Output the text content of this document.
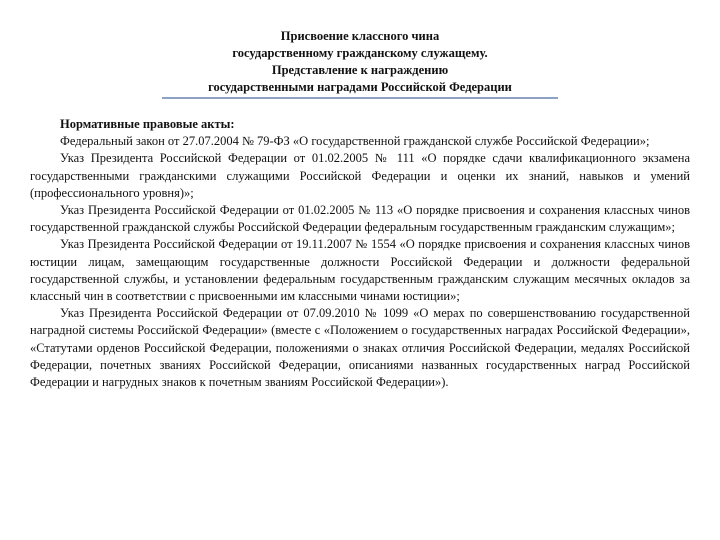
Присвоение классного чина
государственному гражданскому служащему.
Представление к награждению
государственными наградами Российской Федерации

Нормативные правовые акты:

Федеральный закон от 27.07.2004 № 79-ФЗ «О государственной гражданской службе Российской Федерации»;

Указ Президента Российской Федерации от 01.02.2005 № 111 «О порядке сдачи квалификационного экзамена государственными гражданскими служащими Российской Федерации и оценки их знаний, навыков и умений (профессионального уровня)»;

Указ Президента Российской Федерации от 01.02.2005 № 113 «О порядке присвоения и сохранения классных чинов государственной гражданской службы Российской Федерации федеральным государственным гражданским служащим»;

Указ Президента Российской Федерации от 19.11.2007 № 1554 «О порядке присвоения и сохранения классных чинов юстиции лицам, замещающим государственные должности Российской Федерации и должности федеральной государственной службы, и установлении федеральным государственным гражданским служащим месячных окладов за классный чин в соответствии с присвоенными им классными чинами юстиции»;

Указ Президента Российской Федерации от 07.09.2010 № 1099 «О мерах по совершенствованию государственной наградной системы Российской Федерации» (вместе с «Положением о государственных наградах Российской Федерации», «Статутами орденов Российской Федерации, положениями о знаках отличия Российской Федерации, медалях Российской Федерации, почетных званиях Российской Федерации, описаниями названных государственных наград Российской Федерации и нагрудных знаков к почетным званиям Российской Федерации»).
